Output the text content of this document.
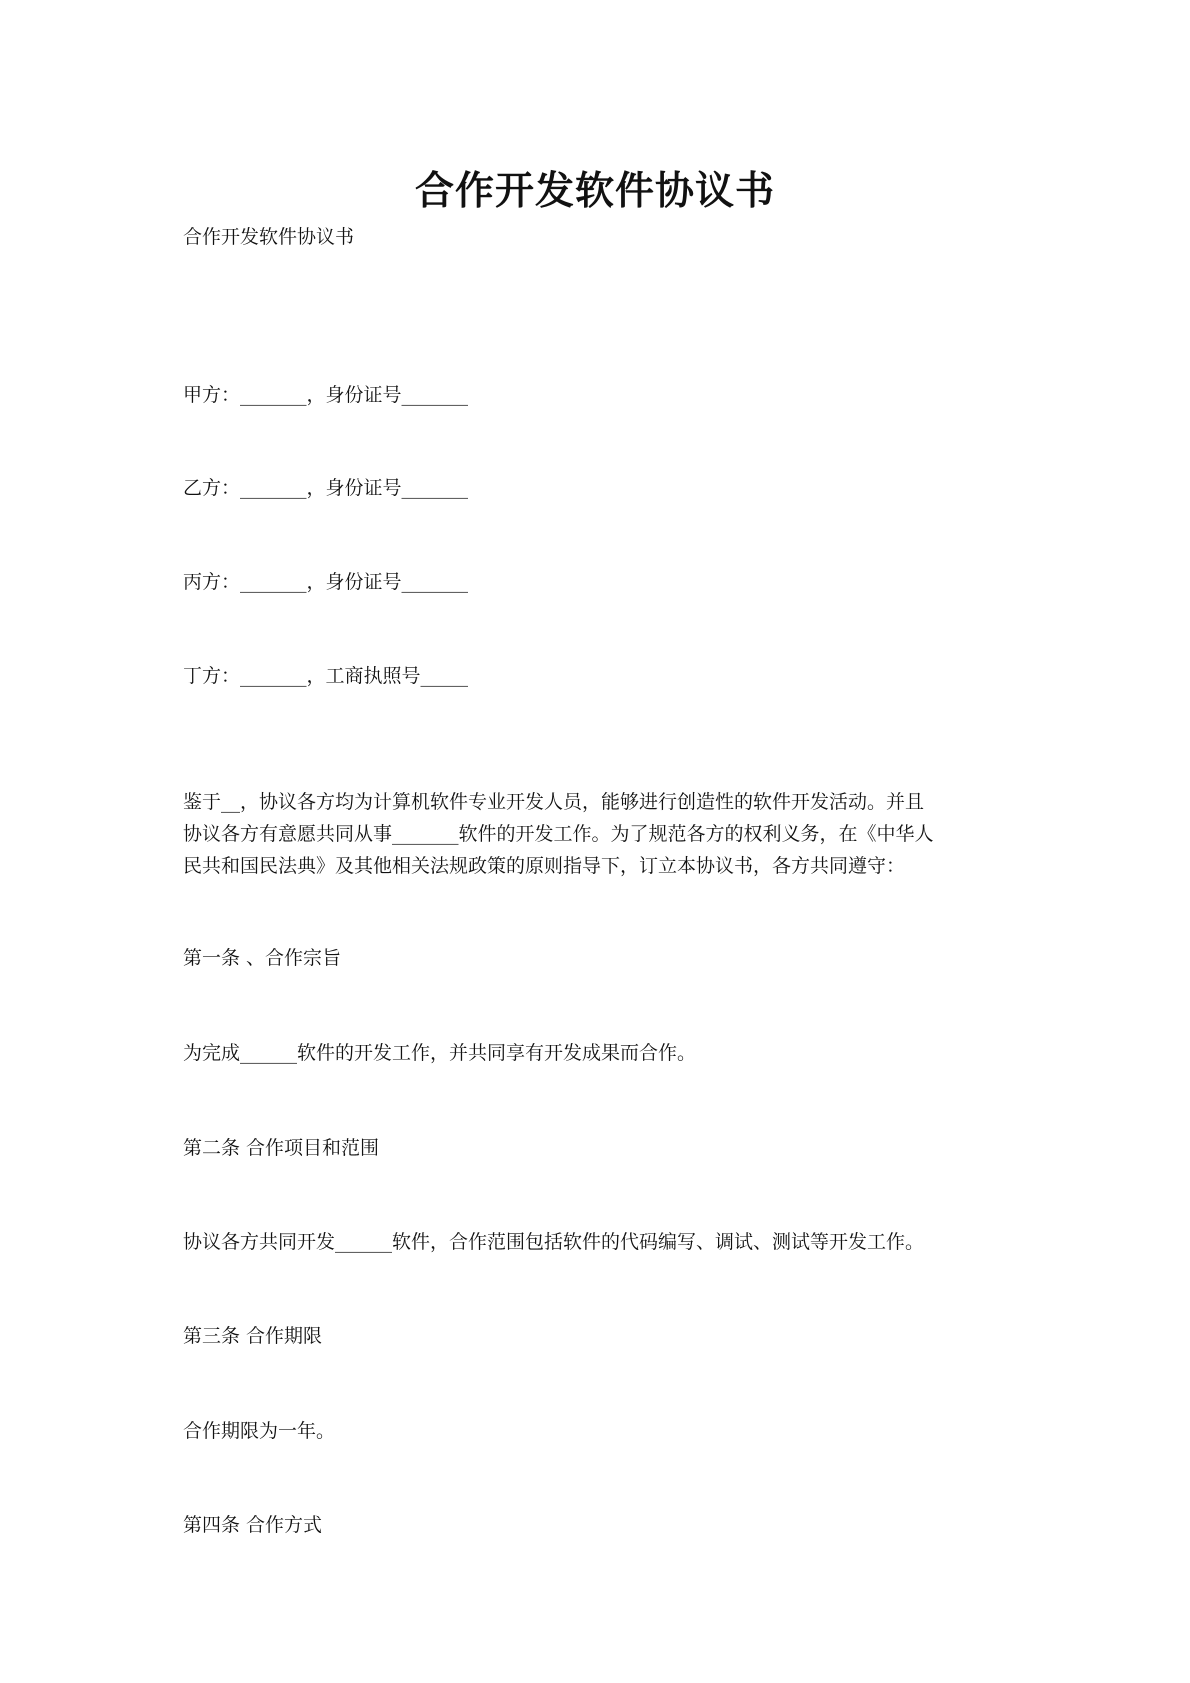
合作开发软件协议书
合作开发软件协议书
甲方：_______，身份证号_______
乙方：_______，身份证号_______
丙方：_______，身份证号_______
丁方：_______，工商执照号_____
鉴于__，协议各方均为计算机软件专业开发人员，能够进行创造性的软件开发活动。并且
协议各方有意愿共同从事_______软件的开发工作。为了规范各方的权利义务，在《中华人
民共和国民法典》及其他相关法规政策的原则指导下，订立本协议书，各方共同遵守：
第一条 、合作宗旨
为完成______软件的开发工作，并共同享有开发成果而合作。
第二条 合作项目和范围
协议各方共同开发______软件，合作范围包括软件的代码编写、调试、测试等开发工作。
第三条 合作期限
合作期限为一年。
第四条 合作方式
